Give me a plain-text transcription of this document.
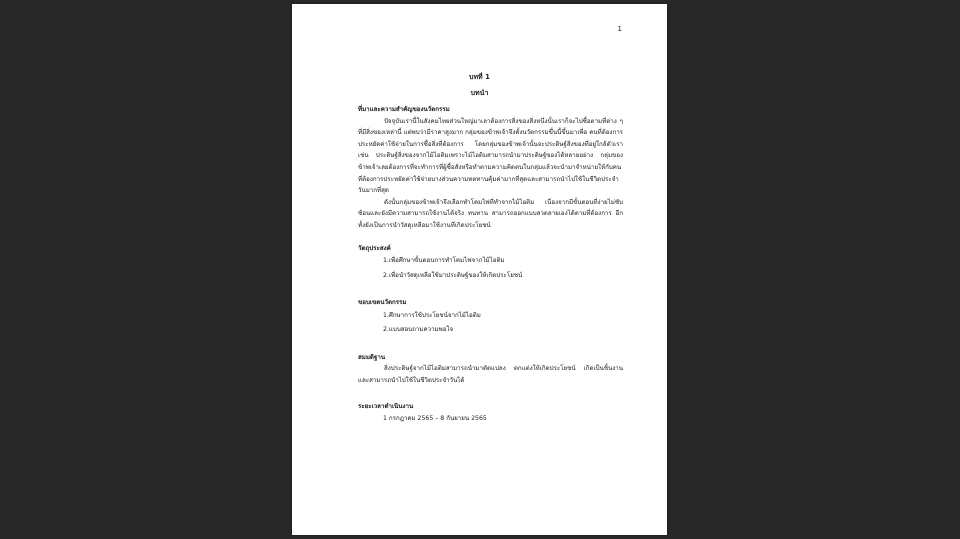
1
บทที่ 1
บทนำ
ที่มาและความสำคัญของนวัตกรรม
ปัจจุบันเรานี้ในสังคมไทยส่วนใหญ่มาเลาต้องการสิ่งของสิ่งหนึ่งนั้นเราก็จะไปซื้อตามที่ต่าง ๆ ที่มีสิ่งของเหล่านี้ แต่พบว่ามีราคาสูงมาก กลุ่มของข้าพเจ้าจึงตั้งนวัตกรรมขึ้นนี้ขึ้นมาเพื่อ คนที่ต้องการประหยัดค่าใช้จ่ายในการซื้อสิ่งที่ต้องการ โดยกลุ่มของข้าพเจ้านั้นจะประดิษฐ์สิ่งของที่อยู่ใกล้ตัวเรา เช่น ประดิษฐ์สิ่งของจากไม้ไอติมเพราะไม้ไอติมสามารถนำมาประดิษฐ์ของได้หลายอย่าง กลุ่มของข้าพเจ้าเลยต้องการที่จะทำการที่ผู้ซื้อสั่งหรือทำตามความคิดตนในกลุ่มแล้วจะนำมาจำหน่ายให้กับคนที่ต้องการประหยัดค่าใช้จ่ายบางส่วนความทดทานคุ้มค่ามากที่สุดและสามารถนำไปใช้ในชีวิตประจำวันมากที่สุด
ดังนั้นกลุ่มของข้าพเจ้าจึงเลือกทำโคมไฟที่ทำจากไม้ไอติม เนื่องจากมีขั้นตอนที่ง่ายไม่ซับซ้อนและยังมีความสามารถใช้งานได้จริง ทนทาน สามารถออกแบบลวดลายเองได้ตามที่ต้องการ อีกทั้งยังเป็นการนำวัสดุเหลือมาใช้งานที่เกิดประโยชน์
วัตถุประสงค์
1.เพื่อศึกษาขั้นตอนการทำโคมไฟจากไม้ไอติม
2.เพื่อนำวัสดุเหลือใช้มาประดิษฐ์ของให้เกิดประโยชน์
ขอบเขตนวัตกรรม
1.ศึกษาการใช้ประโยชน์จากไม้ไอติม
2.แบบสอบถามความพอใจ
สมมติฐาน
สิ่งประดิษฐ์จากไม้ไอติมสามารถนำมาดัดแปลง ตกแต่งให้เกิดประโยชน์ เกิดเป็นชิ้นงาน และสามารถนำไปใช้ในชีวิตประจำวันได้
ระยะเวลาดำเนินงาน
1 กรกฎาคม 2565 – 8 กันยายน 2565
